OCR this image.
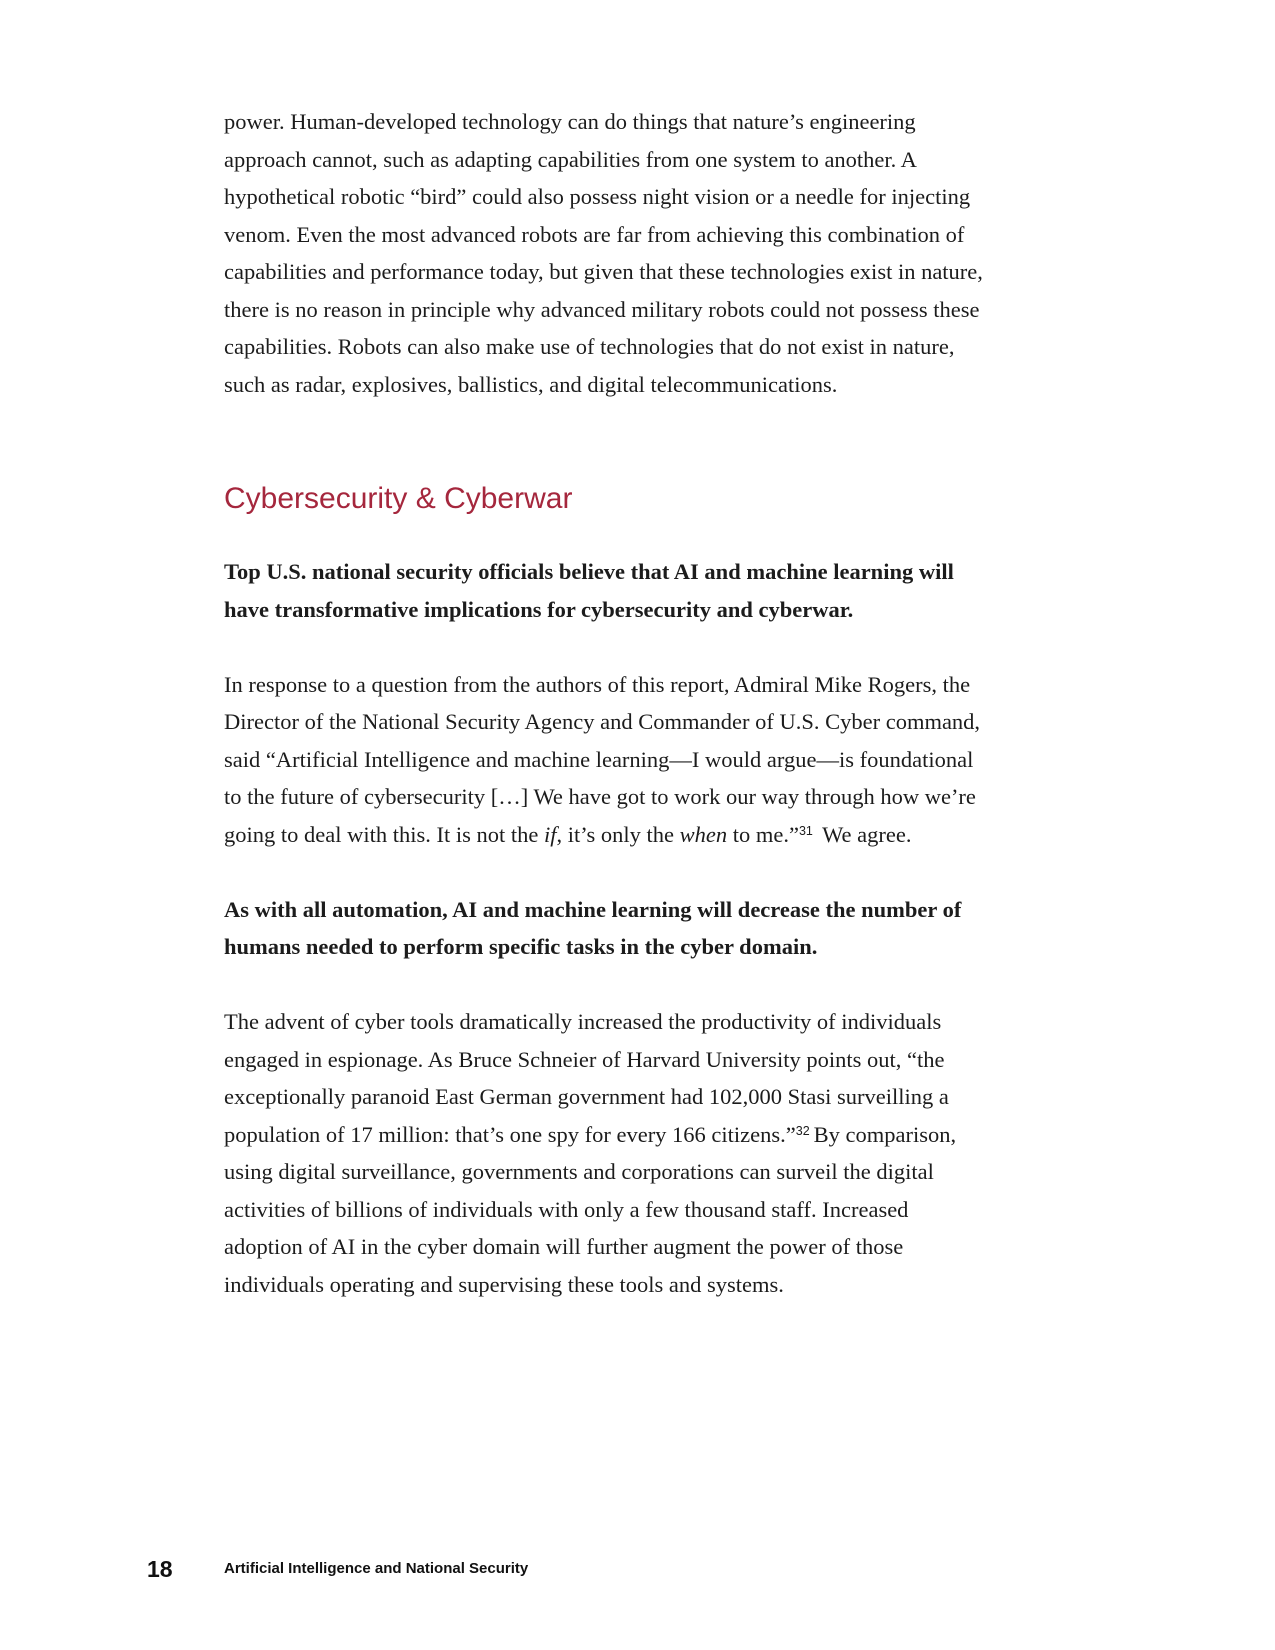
power. Human-developed technology can do things that nature’s engineering approach cannot, such as adapting capabilities from one system to another. A hypothetical robotic “bird” could also possess night vision or a needle for injecting venom. Even the most advanced robots are far from achieving this combination of capabilities and performance today, but given that these technologies exist in nature, there is no reason in principle why advanced military robots could not possess these capabilities. Robots can also make use of technologies that do not exist in nature, such as radar, explosives, ballistics, and digital telecommunications.

Cybersecurity & Cyberwar

Top U.S. national security officials believe that AI and machine learning will have transformative implications for cybersecurity and cyberwar.

In response to a question from the authors of this report, Admiral Mike Rogers, the Director of the National Security Agency and Commander of U.S. Cyber command, said “Artificial Intelligence and machine learning—I would argue—is foundational to the future of cybersecurity […] We have got to work our way through how we’re going to deal with this. It is not the if, it’s only the when to me.”$^{31}$ We agree.

As with all automation, AI and machine learning will decrease the number of humans needed to perform specific tasks in the cyber domain.

The advent of cyber tools dramatically increased the productivity of individuals engaged in espionage. As Bruce Schneier of Harvard University points out, “the exceptionally paranoid East German government had 102,000 Stasi surveilling a population of 17 million: that’s one spy for every 166 citizens.”$^{32}$ By comparison, using digital surveillance, governments and corporations can surveil the digital activities of billions of individuals with only a few thousand staff. Increased adoption of AI in the cyber domain will further augment the power of those individuals operating and supervising these tools and systems.

18	Artificial Intelligence and National Security
